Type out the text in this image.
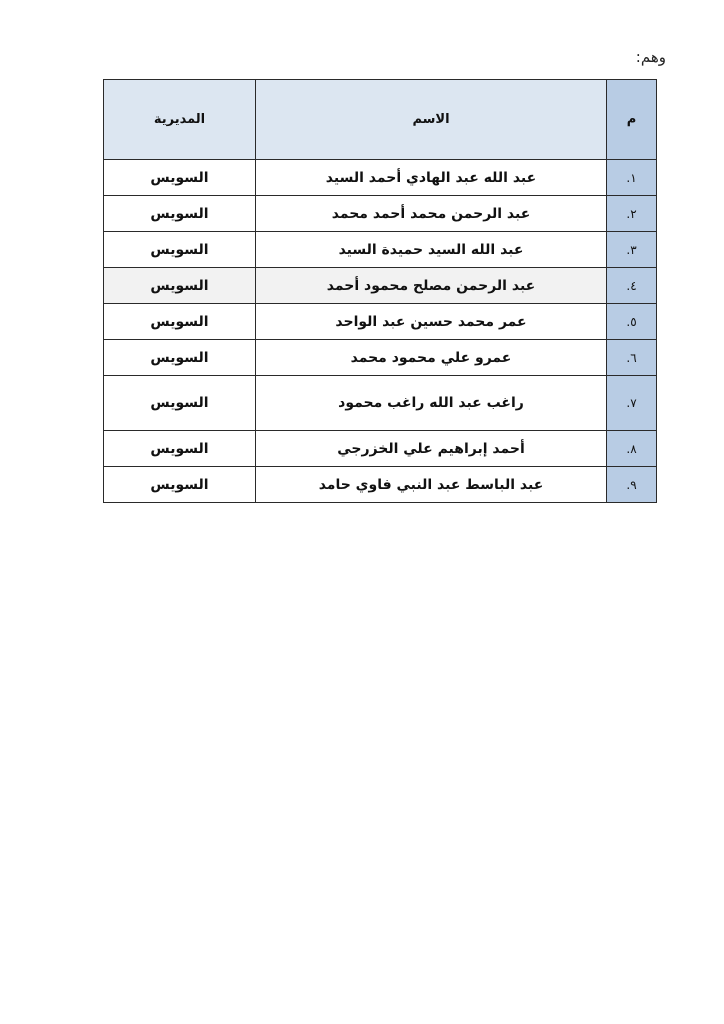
وهم:
م	الاسم	المديرية
١.	عبد الله عبد الهادي أحمد السيد	السويس
٢.	عبد الرحمن محمد أحمد محمد	السويس
٣.	عبد الله السيد حميدة السيد	السويس
٤.	عبد الرحمن مصلح محمود أحمد	السويس
٥.	عمر محمد حسين عبد الواحد	السويس
٦.	عمرو علي محمود محمد	السويس
٧.	راغب عبد الله راغب محمود	السويس
٨.	أحمد إبراهيم علي الخزرجي	السويس
٩.	عبد الباسط عبد النبي فاوي حامد	السويس
